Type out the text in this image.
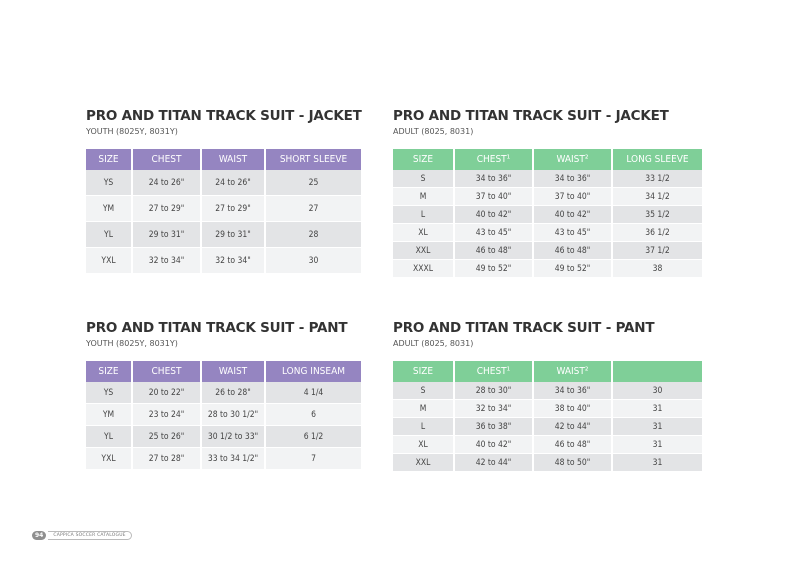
PRO AND TITAN TRACK SUIT - JACKET
YOUTH (8025Y, 8031Y)
SIZE	CHEST	WAIST	SHORT SLEEVE
YS	24 to 26"	24 to 26"	25
YM	27 to 29"	27 to 29"	27
YL	29 to 31"	29 to 31"	28
YXL	32 to 34"	32 to 34"	30
PRO AND TITAN TRACK SUIT - JACKET
ADULT (8025, 8031)
SIZE	CHEST¹	WAIST²	LONG SLEEVE
S	34 to 36"	34 to 36"	33 1/2
M	37 to 40"	37 to 40"	34 1/2
L	40 to 42"	40 to 42"	35 1/2
XL	43 to 45"	43 to 45"	36 1/2
XXL	46 to 48"	46 to 48"	37 1/2
XXXL	49 to 52"	49 to 52"	38
PRO AND TITAN TRACK SUIT - PANT
YOUTH (8025Y, 8031Y)
SIZE	CHEST	WAIST	LONG INSEAM
YS	20 to 22"	26 to 28"	4 1/4
YM	23 to 24"	28 to 30 1/2"	6
YL	25 to 26"	30 1/2 to 33"	6 1/2
YXL	27 to 28"	33 to 34 1/2"	7
PRO AND TITAN TRACK SUIT - PANT
ADULT (8025, 8031)
SIZE	CHEST¹	WAIST²	
S	28 to 30"	34 to 36"	30
M	32 to 34"	38 to 40"	31
L	36 to 38"	42 to 44"	31
XL	40 to 42"	46 to 48"	31
XXL	42 to 44"	48 to 50"	31
94	CAPPICA SOCCER CATALOGUE
